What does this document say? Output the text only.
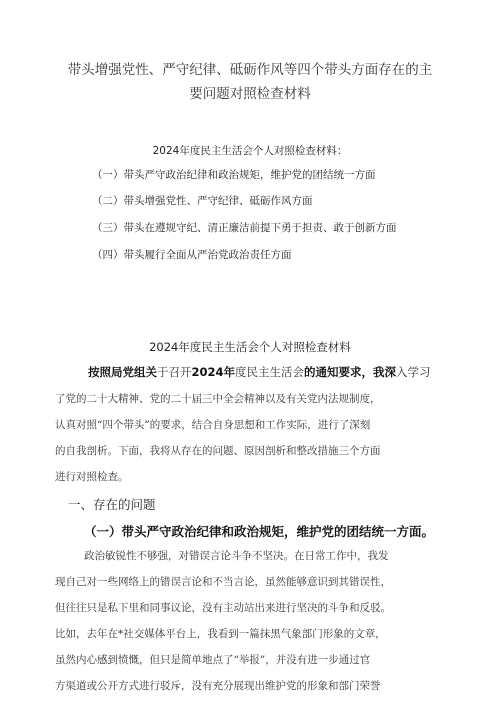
带头增强党性、严守纪律、砥砺作风等四个带头方面存在的主
要问题对照检查材料
2024年度民主生活会个人对照检查材料：
（一）带头严守政治纪律和政治规矩，维护党的团结统一方面
（二）带头增强党性、严守纪律、砥砺作风方面
（三）带头在遵规守纪、清正廉洁前提下勇于担责、敢于创新方面
（四）带头履行全面从严治党政治责任方面
2024年度民主生活会个人对照检查材料
按照局党组关于召开2024年度民主生活会的通知要求，我深入学习
了党的二十大精神、党的二十届三中全会精神以及有关党内法规制度，
认真对照“四个带头”的要求，结合自身思想和工作实际，进行了深刻
的自我剖析。下面，我将从存在的问题、原因剖析和整改措施三个方面
进行对照检查。
一、存在的问题
（一）带头严守政治纪律和政治规矩，维护党的团结统一方面。
政治敏锐性不够强，对错误言论斗争不坚决。在日常工作中，我发
现自己对一些网络上的错误言论和不当言论，虽然能够意识到其错误性，
但往往只是私下里和同事议论，没有主动站出来进行坚决的斗争和反驳。
比如，去年在*社交媒体平台上，我看到一篇抹黑气象部门形象的文章，
虽然内心感到愤慨，但只是简单地点了“举报”，并没有进一步通过官
方渠道或公开方式进行驳斥，没有充分展现出维护党的形象和部门荣誉
